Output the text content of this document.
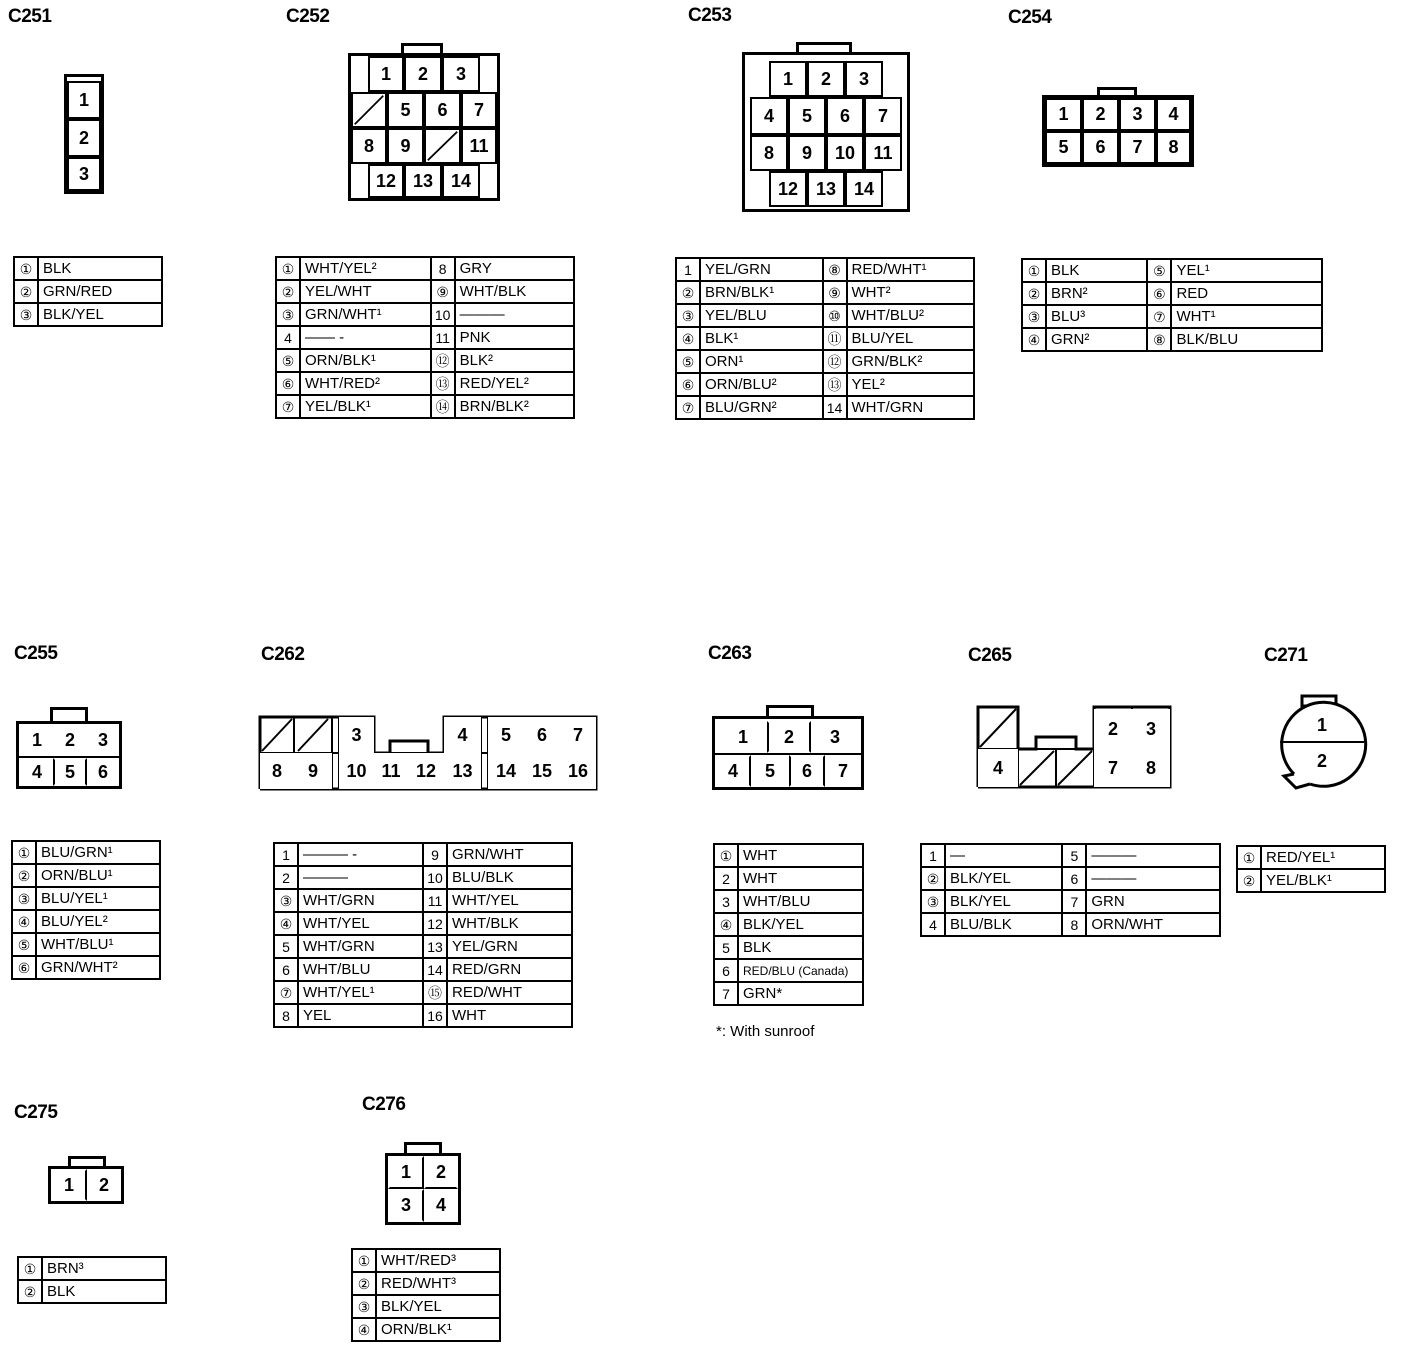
C251
1
2
3
①	BLK
②	GRN/RED
③	BLK/YEL
C252
1	2	3
5	6	7
8	9	11
12 13 14
①	WHT/YEL²	8	GRY
②	YEL/WHT	⑨	WHT/BLK
③	GRN/WHT¹	10	———
4	—— -	11	PNK
⑤	ORN/BLK¹	⑫	BLK²
⑥	WHT/RED²	⑬	RED/YEL²
⑦	YEL/BLK¹	⑭	BRN/BLK²
C253
1	2	3
4	5	6	7
8	9	10	11
12 13 14
1	YEL/GRN	⑧	RED/WHT¹
②	BRN/BLK¹	⑨	WHT²
③	YEL/BLU	⑩	WHT/BLU²
④	BLK¹	⑪	BLU/YEL
⑤	ORN¹	⑫	GRN/BLK²
⑥	ORN/BLU²	⑬	YEL²
⑦	BLU/GRN²	14	WHT/GRN
C254
1	2	3	4
5	6	7	8
①	BLK	⑤	YEL¹
②	BRN²	⑥	RED
③	BLU³	⑦	WHT¹
④	GRN²	⑧	BLK/BLU
C255
1	2	3
4	5	6
①	BLU/GRN¹
②	ORN/BLU¹
③	BLU/YEL¹
④	BLU/YEL²
⑤	WHT/BLU¹
⑥	GRN/WHT²
C262
3	4	5	6	7
8	9	10 11 12 13	14 15 16
1	——— -	9	GRN/WHT
2	———	10	BLU/BLK
③	WHT/GRN	11	WHT/YEL
④	WHT/YEL	12	WHT/BLK
5	WHT/GRN	13	YEL/GRN
6	WHT/BLU	14	RED/GRN
⑦	WHT/YEL¹	⑮	RED/WHT
8	YEL	16	WHT
C263
1	2	3
4	5	6	7
①	WHT
2	WHT
3	WHT/BLU
④	BLK/YEL
5	BLK
6	RED/BLU (Canada)
7	GRN*
*: With sunroof
C265
2	3
4	7	8
1	—	5	———
②	BLK/YEL	6	———
③	BLK/YEL	7	GRN
4	BLU/BLK	8	ORN/WHT
C271
1
2
①	RED/YEL¹
②	YEL/BLK¹
C275
1	2
①	BRN³
②	BLK
C276
1	2
3	4
①	WHT/RED³
②	RED/WHT³
③	BLK/YEL
④	ORN/BLK¹
